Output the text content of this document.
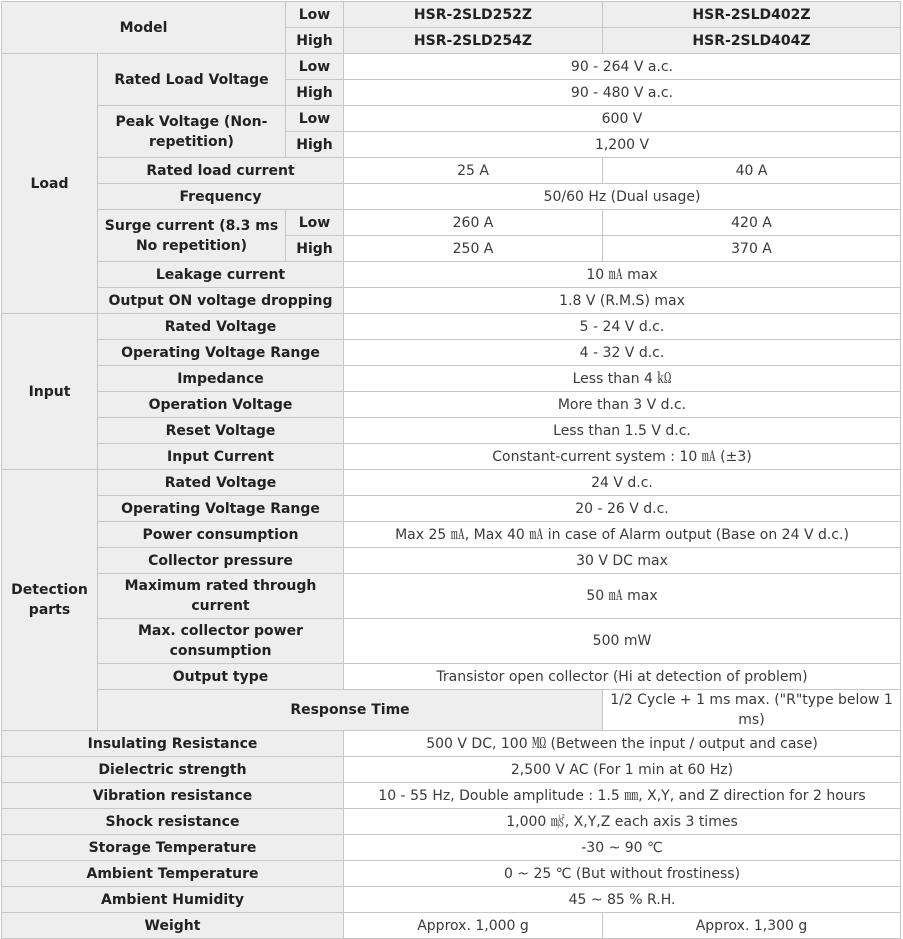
Model		Low	HSR-2SLD252Z	HSR-2SLD402Z
		High	HSR-2SLD254Z	HSR-2SLD404Z
Load	Rated Load Voltage	Low	90 - 264 V a.c.	
		High	90 - 480 V a.c.	
	Peak Voltage (Non-repetition)	Low	600 V	
		High	1,200 V	
	Rated load current		25 A	40 A
	Frequency		50/60 Hz (Dual usage)	
	Surge current (8.3 ms No repetition)	Low	260 A	420 A
		High	250 A	370 A
	Leakage current		10 ㎃ max	
	Output ON voltage dropping		1.8 V (R.M.S) max	
Input	Rated Voltage		5 - 24 V d.c.	
	Operating Voltage Range		4 - 32 V d.c.	
	Impedance		Less than 4 ㏀	
	Operation Voltage		More than 3 V d.c.	
	Reset Voltage		Less than 1.5 V d.c.	
	Input Current		Constant-current system : 10 ㎃ (±3)	
Detection parts	Rated Voltage		24 V d.c.	
	Operating Voltage Range		20 - 26 V d.c.	
	Power consumption		Max 25 ㎃, Max 40 ㎃ in case of Alarm output (Base on 24 V d.c.)	
	Collector pressure		30 V DC max	
	Maximum rated through current		50 ㎃ max	
	Max. collector power consumption		500 mW	
	Output type		Transistor open collector (Hi at detection of problem)	
	Response Time			1/2 Cycle + 1 ms max. ("R"type below 1 ms)
Insulating Resistance			500 V DC, 100 ㏁ (Between the input / output and case)	
Dielectric strength			2,500 V AC (For 1 min at 60 Hz)	
Vibration resistance			10 - 55 Hz, Double amplitude : 1.5 ㎜, X,Y, and Z direction for 2 hours	
Shock resistance			1,000 ㎨, X,Y,Z each axis 3 times	
Storage Temperature			-30 ~ 90 ℃	
Ambient Temperature			0 ~ 25 ℃ (But without frostiness)	
Ambient Humidity			45 ~ 85 % R.H.	
Weight			Approx. 1,000 g	Approx. 1,300 g
